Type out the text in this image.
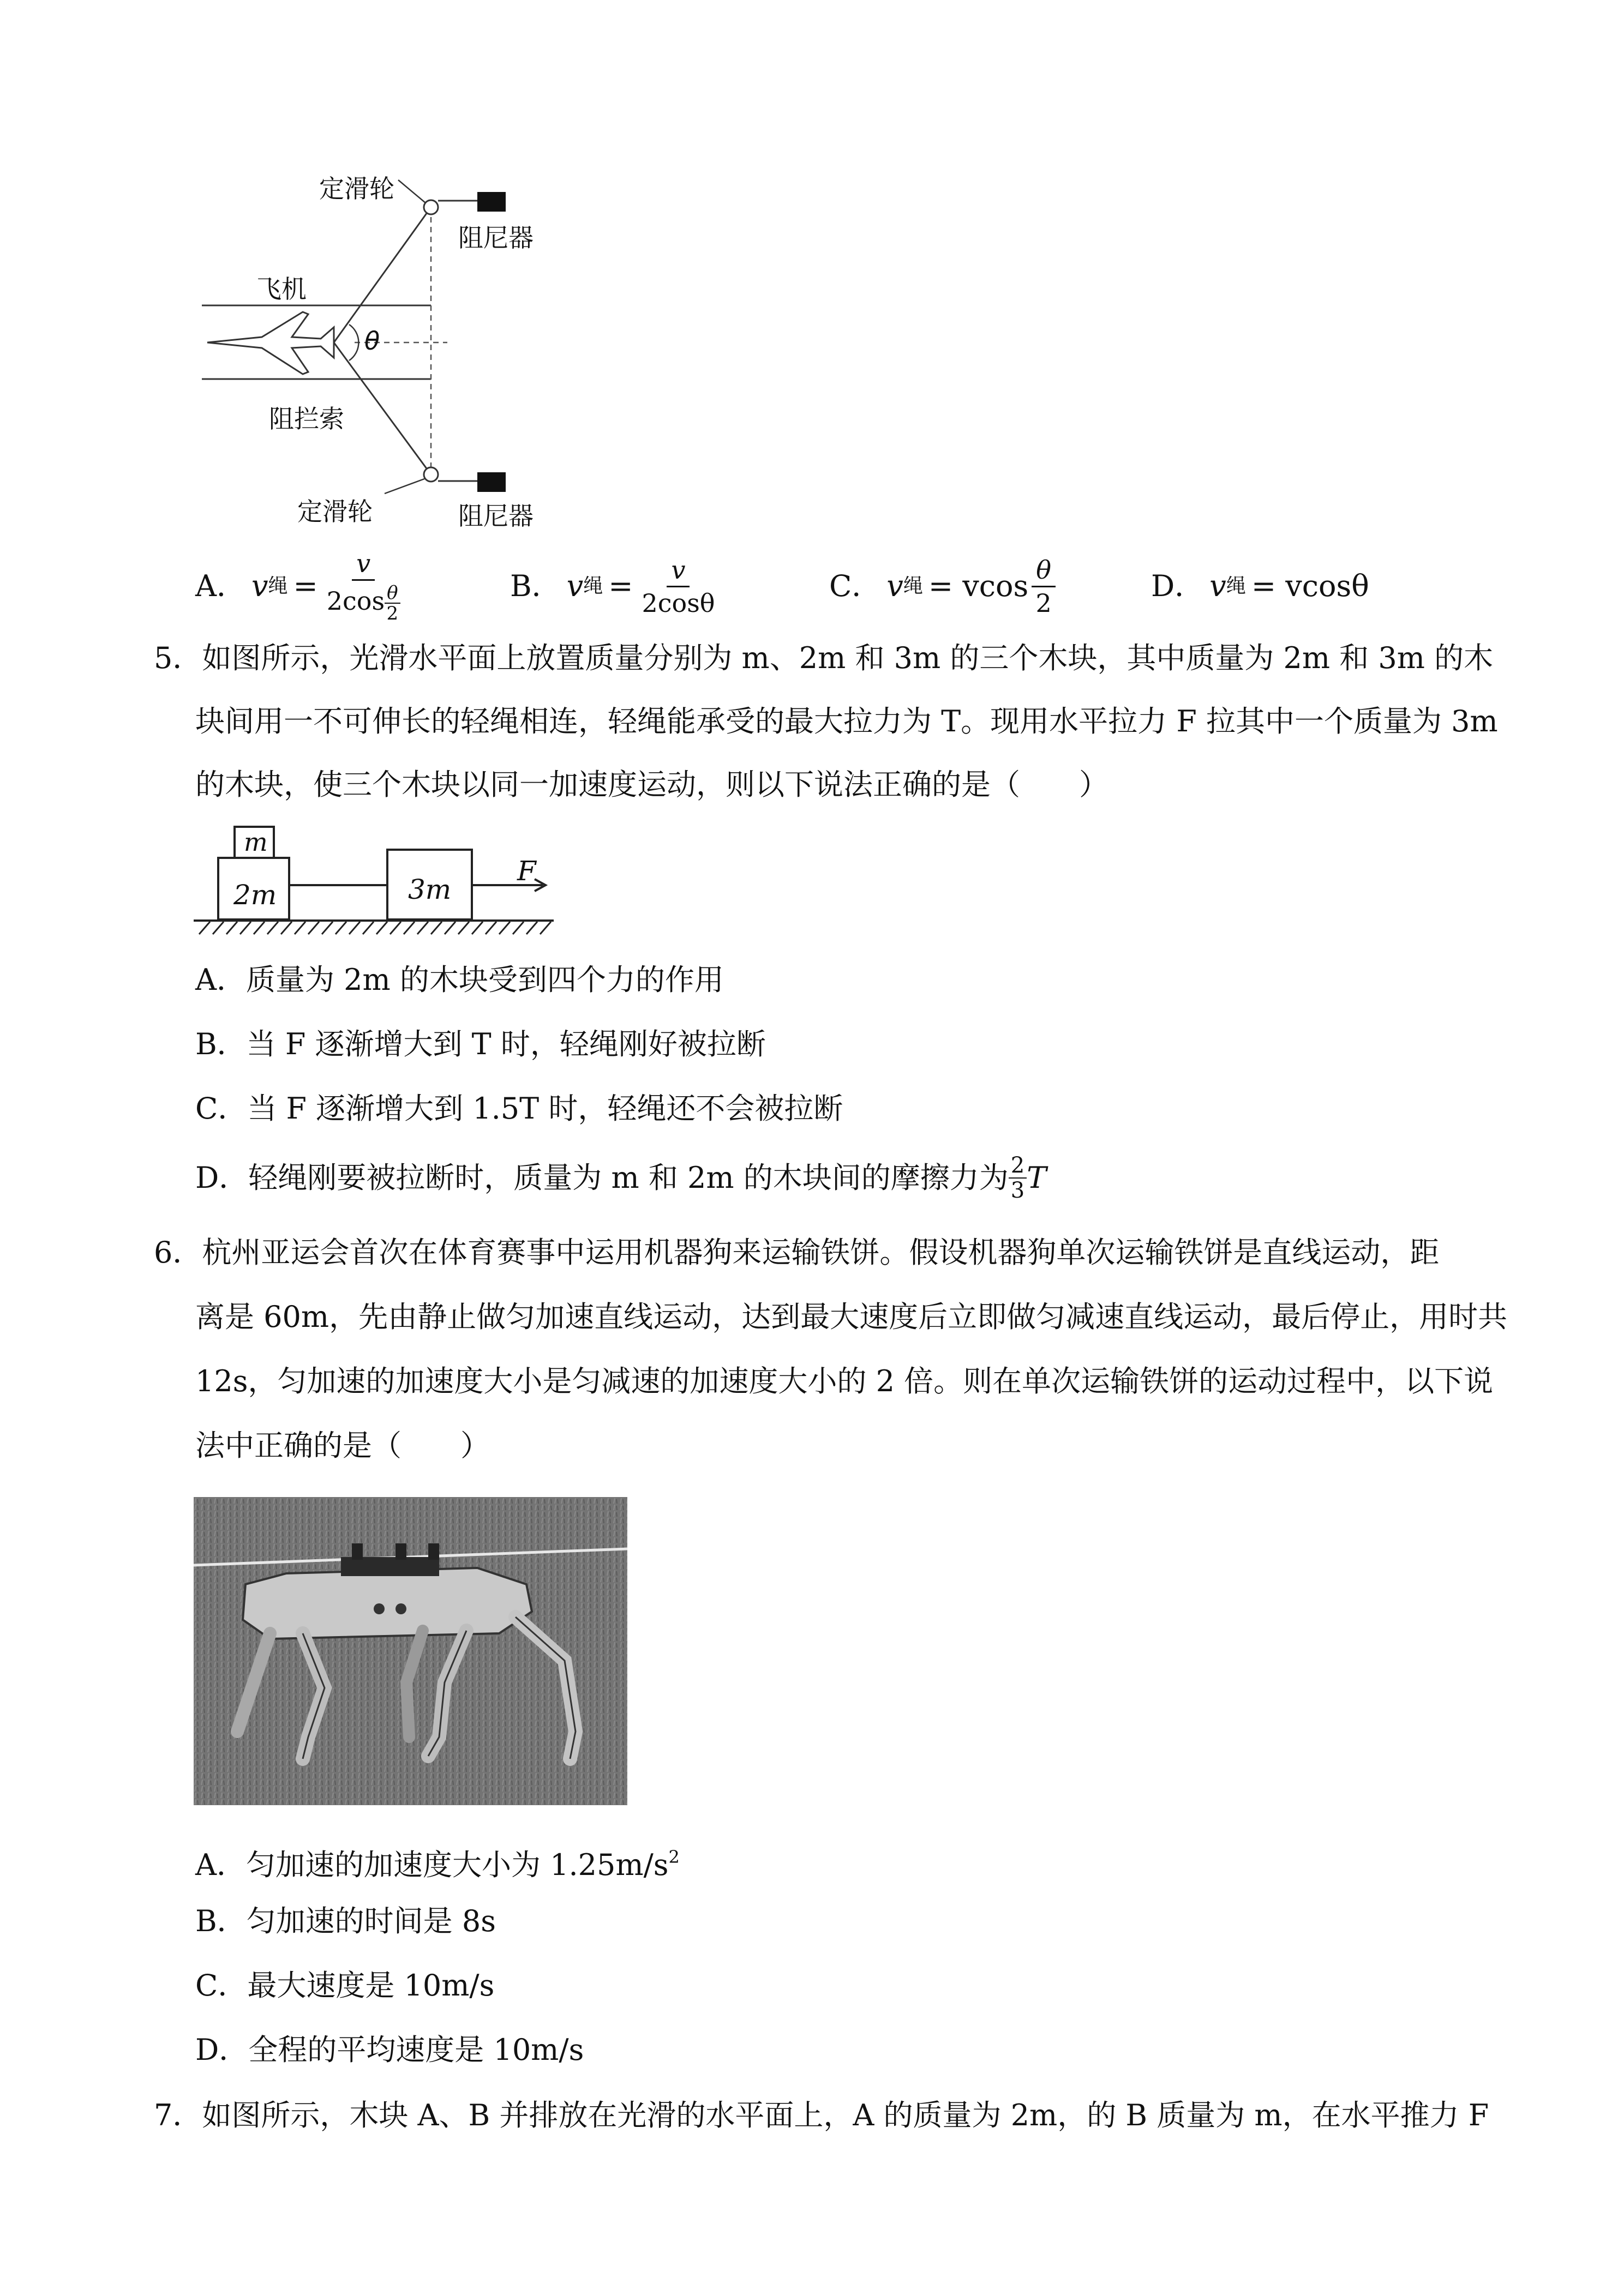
定滑轮
阻尼器
飞机
θ
阻拦索
定滑轮	阻尼器
A． v 绳 = $\frac{v}{2\cos \frac{\theta}{2}}$	B． v 绳 = $\frac{v}{2\cos\theta}$	C． v 绳 = vcos $\frac{\theta}{2}$	D． v 绳 = vcosθ
5．如图所示，光滑水平面上放置质量分别为 m、2m 和 3m 的三个木块，其中质量为 2m 和 3m 的木
块间用一不可伸长的轻绳相连，轻绳能承受的最大拉力为 T。现用水平拉力 F 拉其中一个质量为 3m
的木块，使三个木块以同一加速度运动，则以下说法正确的是（　　）
m
2m	3m
F
A．质量为 2m 的木块受到四个力的作用
B．当 F 逐渐增大到 T 时，轻绳刚好被拉断
C．当 F 逐渐增大到 1.5T 时，轻绳还不会被拉断
D．轻绳刚要被拉断时，质量为 m 和 2m 的木块间的摩擦力为 $\frac{2}{3}$ T
6．杭州亚运会首次在体育赛事中运用机器狗来运输铁饼。假设机器狗单次运输铁饼是直线运动，距
离是 60m，先由静止做匀加速直线运动，达到最大速度后立即做匀减速直线运动，最后停止，用时共
12s，匀加速的加速度大小是匀减速的加速度大小的 2 倍。则在单次运输铁饼的运动过程中，以下说
法中正确的是（　　）
A．匀加速的加速度大小为 $1.25m/s^2$
B．匀加速的时间是 8s
C．最大速度是 10m/s
D．全程的平均速度是 10m/s
7．如图所示，木块 A、B 并排放在光滑的水平面上，A 的质量为 2m，的 B 质量为 m，在水平推力 F
